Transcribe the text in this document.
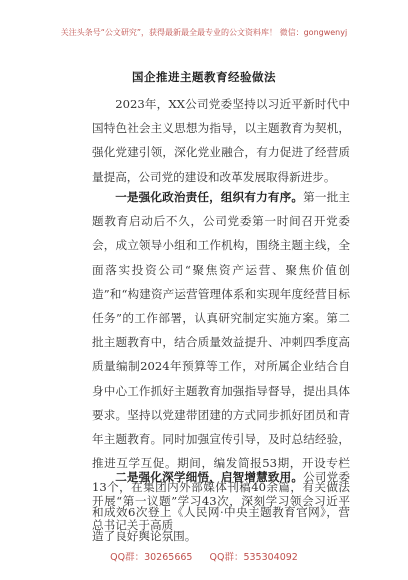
关注头条号“公文研究”，获得最新最全最专业的公文资料库！ 微信：gongwenyj
国企推进主题教育经验做法

2023年，XX公司党委坚持以习近平新时代中国特色社会主义思想为指导，以主题教育为契机，强化党建引领，深化党业融合，有力促进了经营质量提高，公司党的建设和改革发展取得新进步。

一是强化政治责任，组织有力有序。第一批主题教育启动后不久，公司党委第一时间召开党委会，成立领导小组和工作机构，围绕主题主线，全面落实投资公司“聚焦资产运营、聚焦价值创造”和“构建资产运营管理体系和实现年度经营目标任务”的工作部署，认真研究制定实施方案。第二批主题教育中，结合质量效益提升、冲刺四季度高质量编制2024年预算等工作，对所属企业结合自身中心工作抓好主题教育加强指导督导，提出具体要求。坚持以党建带团建的方式同步抓好团员和青年主题教育。同时加强宣传引导，及时总结经验，推进互学互促。期间，编发简报53期，开设专栏13个，在集团内外部媒体刊稿40余篇，有关做法和成效6次登上《人民网·中央主题教育官网》，营造了良好舆论氛围。

二是强化深学细悟，启智增慧致用。公司党委开展“第一议题”学习43次，深刻学习领会习近平总书记关于高质

QQ群：30265665 QQ群：535304092
